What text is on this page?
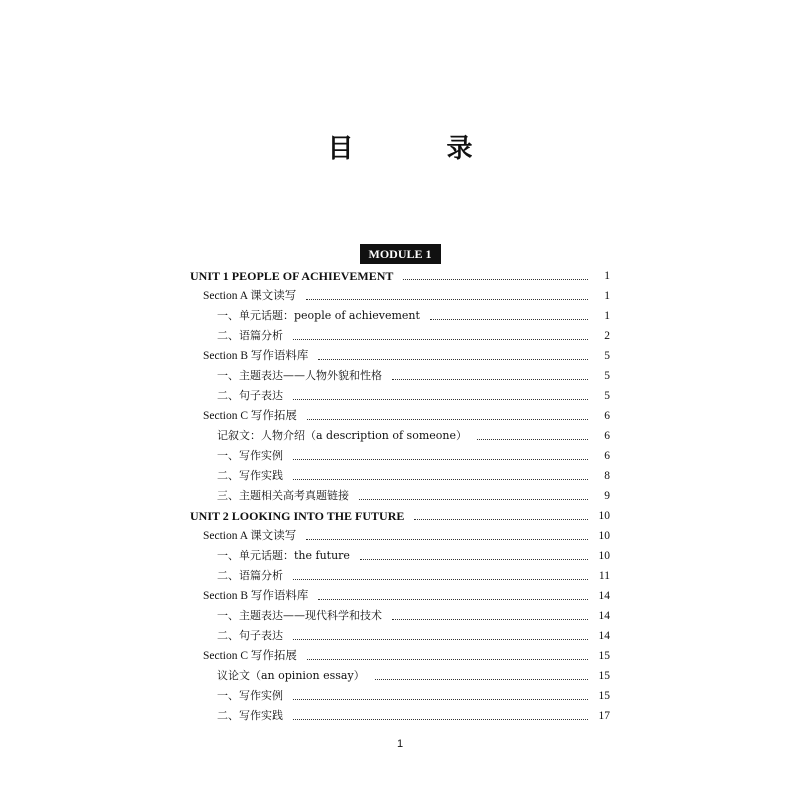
目 录
MODULE 1
UNIT 1 PEOPLE OF ACHIEVEMENT	1
Section A 课文读写	1
一、单元话题：people of achievement	1
二、语篇分析	2
Section B 写作语料库	5
一、主题表达——人物外貌和性格	5
二、句子表达	5
Section C 写作拓展	6
记叙文：人物介绍（a description of someone）	6
一、写作实例	6
二、写作实践	8
三、主题相关高考真题链接	9
UNIT 2 LOOKING INTO THE FUTURE	10
Section A 课文读写	10
一、单元话题：the future	10
二、语篇分析	11
Section B 写作语料库	14
一、主题表达——现代科学和技术	14
二、句子表达	14
Section C 写作拓展	15
议论文（an opinion essay）	15
一、写作实例	15
二、写作实践	17
1
